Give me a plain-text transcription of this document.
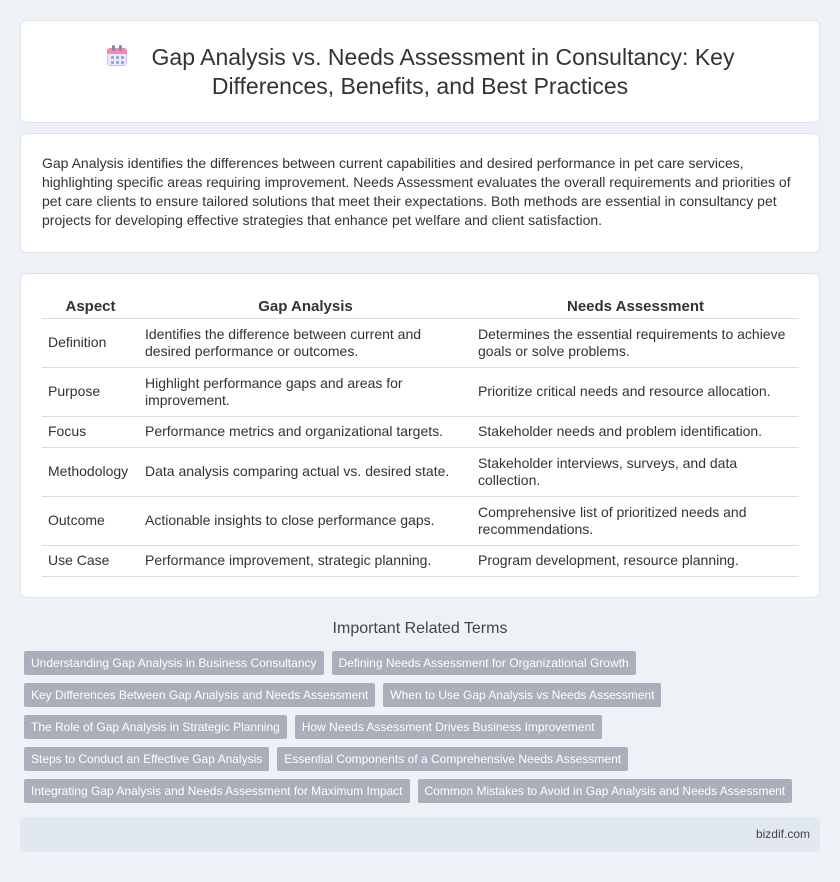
Gap Analysis vs. Needs Assessment in Consultancy: Key Differences, Benefits, and Best Practices

Gap Analysis identifies the differences between current capabilities and desired performance in pet care services, highlighting specific areas requiring improvement. Needs Assessment evaluates the overall requirements and priorities of pet care clients to ensure tailored solutions that meet their expectations. Both methods are essential in consultancy pet projects for developing effective strategies that enhance pet welfare and client satisfaction.

Aspect	Gap Analysis	Needs Assessment
Definition	Identifies the difference between current and desired performance or outcomes.	Determines the essential requirements to achieve goals or solve problems.
Purpose	Highlight performance gaps and areas for improvement.	Prioritize critical needs and resource allocation.
Focus	Performance metrics and organizational targets.	Stakeholder needs and problem identification.
Methodology	Data analysis comparing actual vs. desired state.	Stakeholder interviews, surveys, and data collection.
Outcome	Actionable insights to close performance gaps.	Comprehensive list of prioritized needs and recommendations.
Use Case	Performance improvement, strategic planning.	Program development, resource planning.
Important Related Terms
Understanding Gap Analysis in Business Consultancy Defining Needs Assessment for Organizational Growth
Key Differences Between Gap Analysis and Needs Assessment When to Use Gap Analysis vs Needs Assessment
The Role of Gap Analysis in Strategic Planning How Needs Assessment Drives Business Improvement
Steps to Conduct an Effective Gap Analysis Essential Components of a Comprehensive Needs Assessment
Integrating Gap Analysis and Needs Assessment for Maximum Impact Common Mistakes to Avoid in Gap Analysis and Needs Assessment
bizdif.com
